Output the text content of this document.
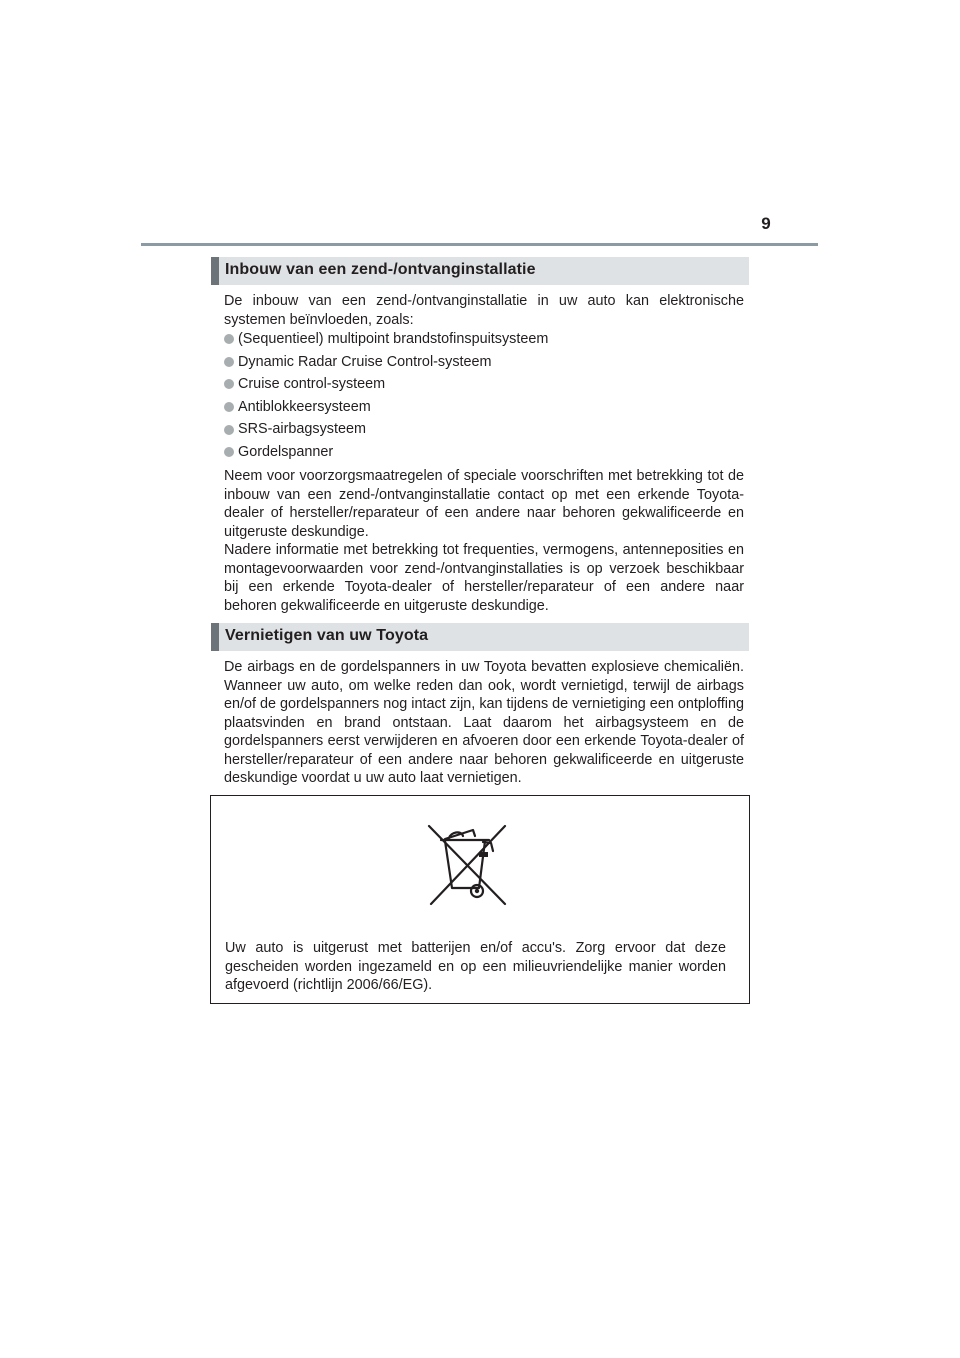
9
Inbouw van een zend-/ontvanginstallatie

De inbouw van een zend-/ontvanginstallatie in uw auto kan elektronische systemen beïnvloeden, zoals:

(Sequentieel) multipoint brandstofinspuitsysteem
Dynamic Radar Cruise Control-systeem
Cruise control-systeem
Antiblokkeersysteem
SRS-airbagsysteem
Gordelspanner

Neem voor voorzorgsmaatregelen of speciale voorschriften met betrekking tot de inbouw van een zend-/ontvanginstallatie contact op met een erkende Toyota-dealer of hersteller/reparateur of een andere naar behoren gekwalificeerde en uitgeruste deskundige.

Nadere informatie met betrekking tot frequenties, vermogens, antenneposities en montagevoorwaarden voor zend-/ontvanginstallaties is op verzoek beschikbaar bij een erkende Toyota-dealer of hersteller/reparateur of een andere naar behoren gekwalificeerde en uitgeruste deskundige.

Vernietigen van uw Toyota

De airbags en de gordelspanners in uw Toyota bevatten explosieve chemicaliën. Wanneer uw auto, om welke reden dan ook, wordt vernietigd, terwijl de airbags en/of de gordelspanners nog intact zijn, kan tijdens de vernietiging een ontploffing plaatsvinden en brand ontstaan. Laat daarom het airbagsysteem en de gordelspanners eerst verwijderen en afvoeren door een erkende Toyota-dealer of hersteller/reparateur of een andere naar behoren gekwalificeerde en uitgeruste deskundige voordat u uw auto laat vernietigen.

Uw auto is uitgerust met batterijen en/of accu's. Zorg ervoor dat deze gescheiden worden ingezameld en op een milieuvriendelijke manier worden afgevoerd (richtlijn 2006/66/EG).
